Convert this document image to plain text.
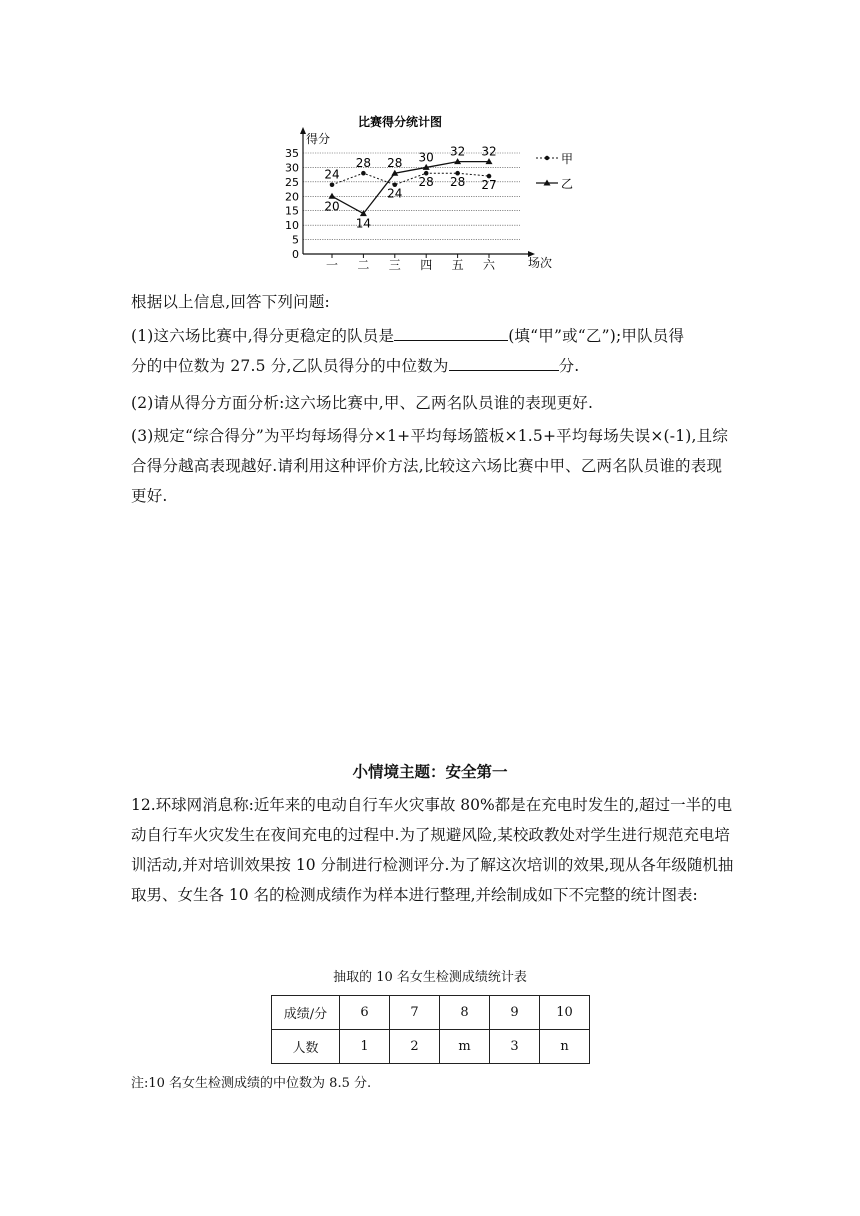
比赛得分统计图
得分
场次
0
5
10
15
20
25
30
35
一 二 三 四 五 六
24
28
24
28 28 27
20
14
28 30 32 32
甲
乙
根据以上信息,回答下列问题:
(1)这六场比赛中,得分更稳定的队员是	(填“甲”或“乙”);甲队员得
分的中位数为 27.5 分,乙队员得分的中位数为	分.
(2)请从得分方面分析:这六场比赛中,甲、乙两名队员谁的表现更好.
(3)规定“综合得分”为平均每场得分×1+平均每场篮板×1.5+平均每场失误×(-1),且综合得分越高表现越好.请利用这种评价方法,比较这六场比赛中甲、乙两名队员谁的表现更好.
小情境主题：安全第一
12.环球网消息称:近年来的电动自行车火灾事故 80%都是在充电时发生的,超过一半的电动自行车火灾发生在夜间充电的过程中.为了规避风险,某校政教处对学生进行规范充电培训活动,并对培训效果按 10 分制进行检测评分.为了解这次培训的效果,现从各年级随机抽取男、女生各 10 名的检测成绩作为样本进行整理,并绘制成如下不完整的统计图表:
抽取的 10 名女生检测成绩统计表
成绩/分	6	7	8	9	10
人数	1	2	m	3	n
注:10 名女生检测成绩的中位数为 8.5 分.
